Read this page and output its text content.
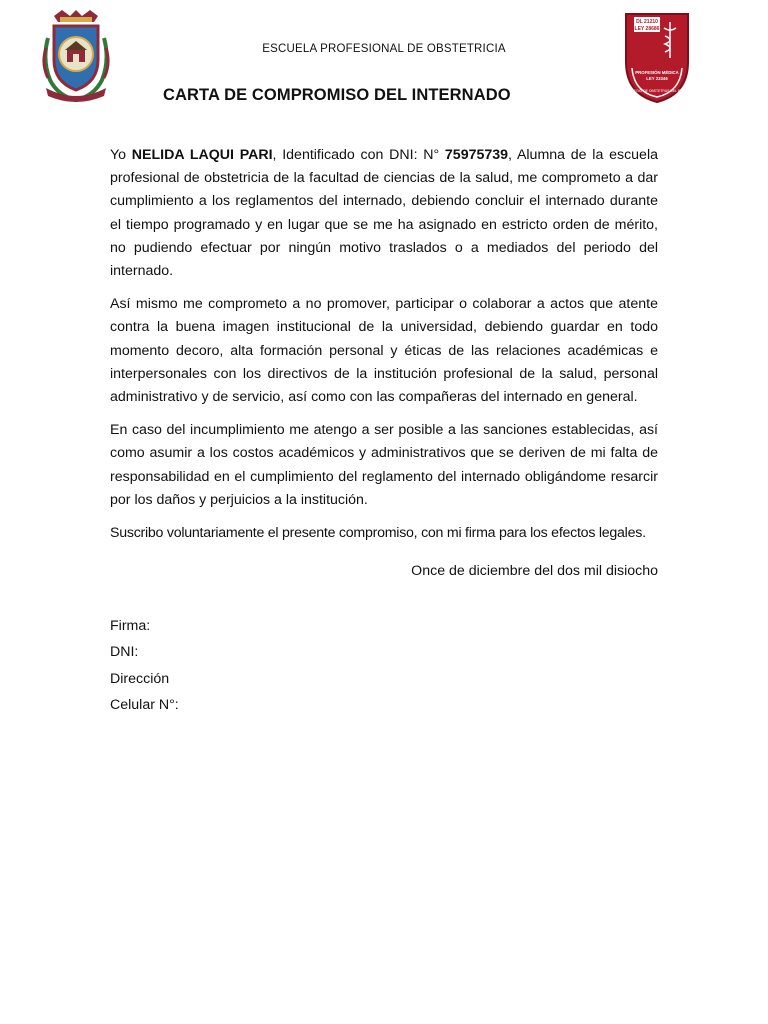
DL 21210
LEY 28686
PROFESIÓN MÉDICA
LEY 23346
COLEGIO DE OBSTETRAS DEL PERÚ
ESCUELA PROFESIONAL DE OBSTETRICIA
CARTA DE COMPROMISO DEL INTERNADO

Yo NELIDA LAQUI PARI, Identificado con DNI: N° 75975739, Alumna de la escuela profesional de obstetricia de la facultad de ciencias de la salud, me comprometo a dar cumplimiento a los reglamentos del internado, debiendo concluir el internado durante el tiempo programado y en lugar que se me ha asignado en estricto orden de mérito, no pudiendo efectuar por ningún motivo traslados o a mediados del periodo del internado.

Así mismo me comprometo a no promover, participar o colaborar a actos que atente contra la buena imagen institucional de la universidad, debiendo guardar en todo momento decoro, alta formación personal y éticas de las relaciones académicas e interpersonales con los directivos de la institución profesional de la salud, personal administrativo y de servicio, así como con las compañeras del internado en general.

En caso del incumplimiento me atengo a ser posible a las sanciones establecidas, así como asumir a los costos académicos y administrativos que se deriven de mi falta de responsabilidad en el cumplimiento del reglamento del internado obligándome resarcir por los daños y perjuicios a la institución.

Suscribo voluntariamente el presente compromiso, con mi firma para los efectos legales.

Once de diciembre del dos mil disiocho
Firma:
DNI:
Dirección
Celular N°:
